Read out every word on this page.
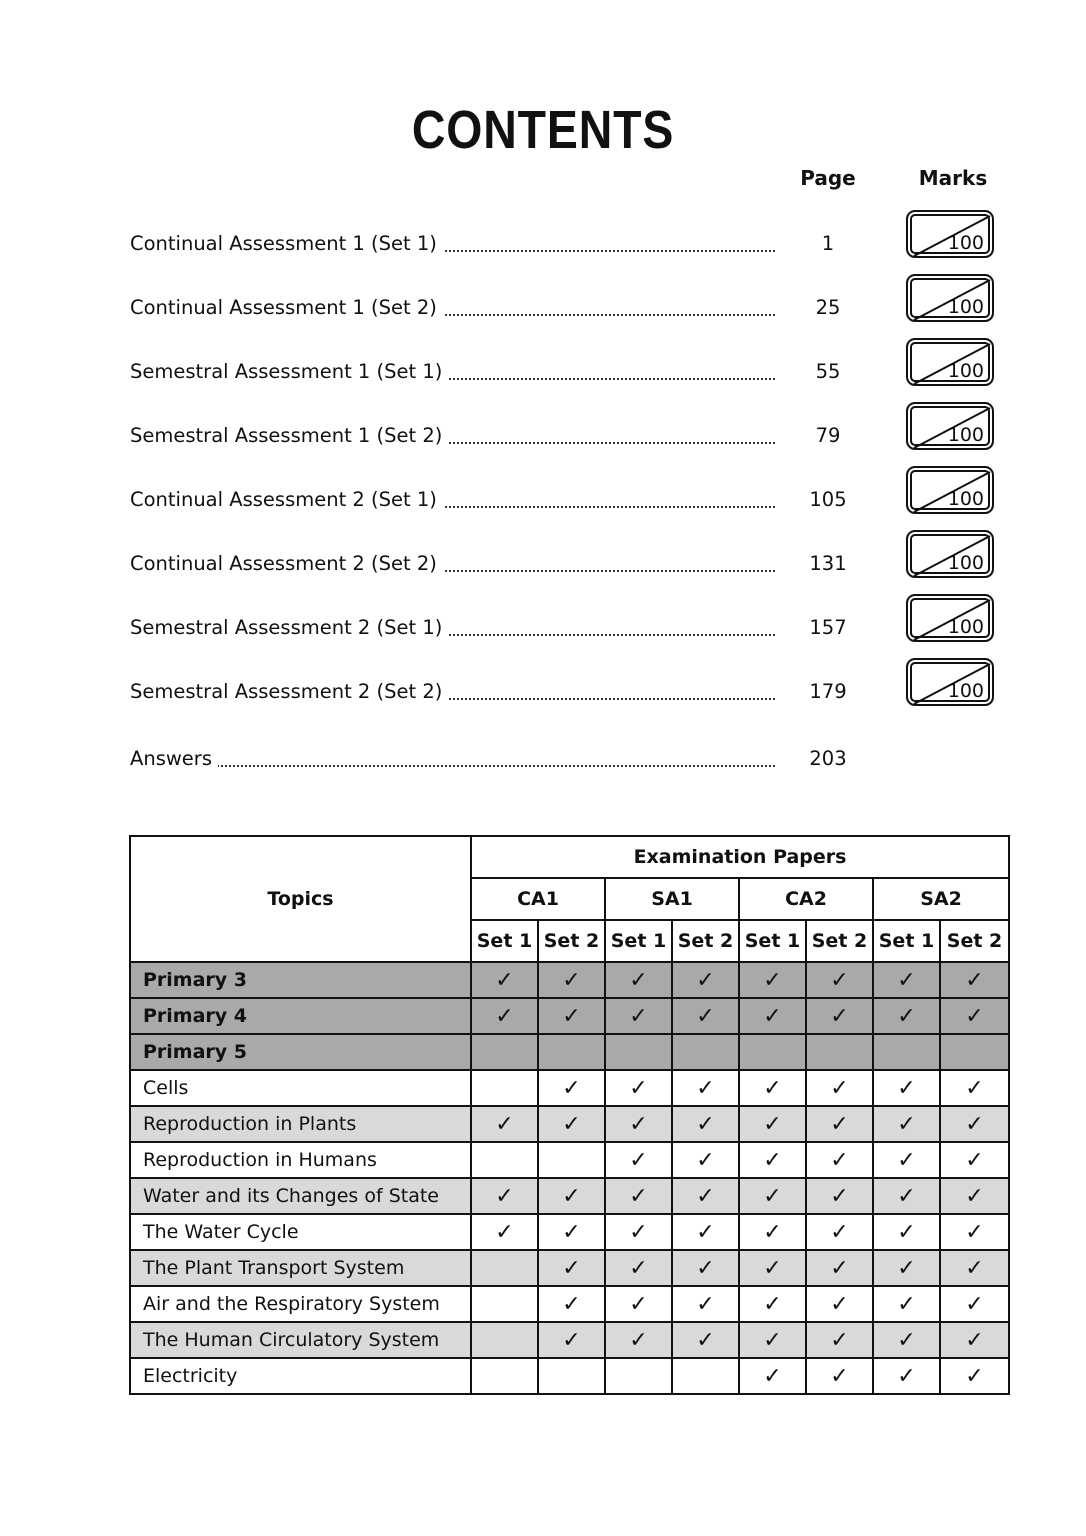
CONTENTS
Page	Marks
Continual Assessment 1 (Set 1)	1	100
Continual Assessment 1 (Set 2)	25	100
Semestral Assessment 1 (Set 1)	55	100
Semestral Assessment 1 (Set 2)	79	100
Continual Assessment 2 (Set 1)	105	100
Continual Assessment 2 (Set 2)	131	100
Semestral Assessment 2 (Set 1)	157	100
Semestral Assessment 2 (Set 2)	179	100
Answers	203
Topics	Examination Papers							
	CA1		SA1		CA2		SA2	
	Set 1	Set 2	Set 1	Set 2	Set 1	Set 2	Set 1	Set 2
Primary 3	✓	✓	✓	✓	✓	✓	✓	✓
Primary 4	✓	✓	✓	✓	✓	✓	✓	✓
Primary 5								
Cells		✓	✓	✓	✓	✓	✓	✓
Reproduction in Plants	✓	✓	✓	✓	✓	✓	✓	✓
Reproduction in Humans			✓	✓	✓	✓	✓	✓
Water and its Changes of State	✓	✓	✓	✓	✓	✓	✓	✓
The Water Cycle	✓	✓	✓	✓	✓	✓	✓	✓
The Plant Transport System		✓	✓	✓	✓	✓	✓	✓
Air and the Respiratory System		✓	✓	✓	✓	✓	✓	✓
The Human Circulatory System		✓	✓	✓	✓	✓	✓	✓
Electricity					✓	✓	✓	✓
